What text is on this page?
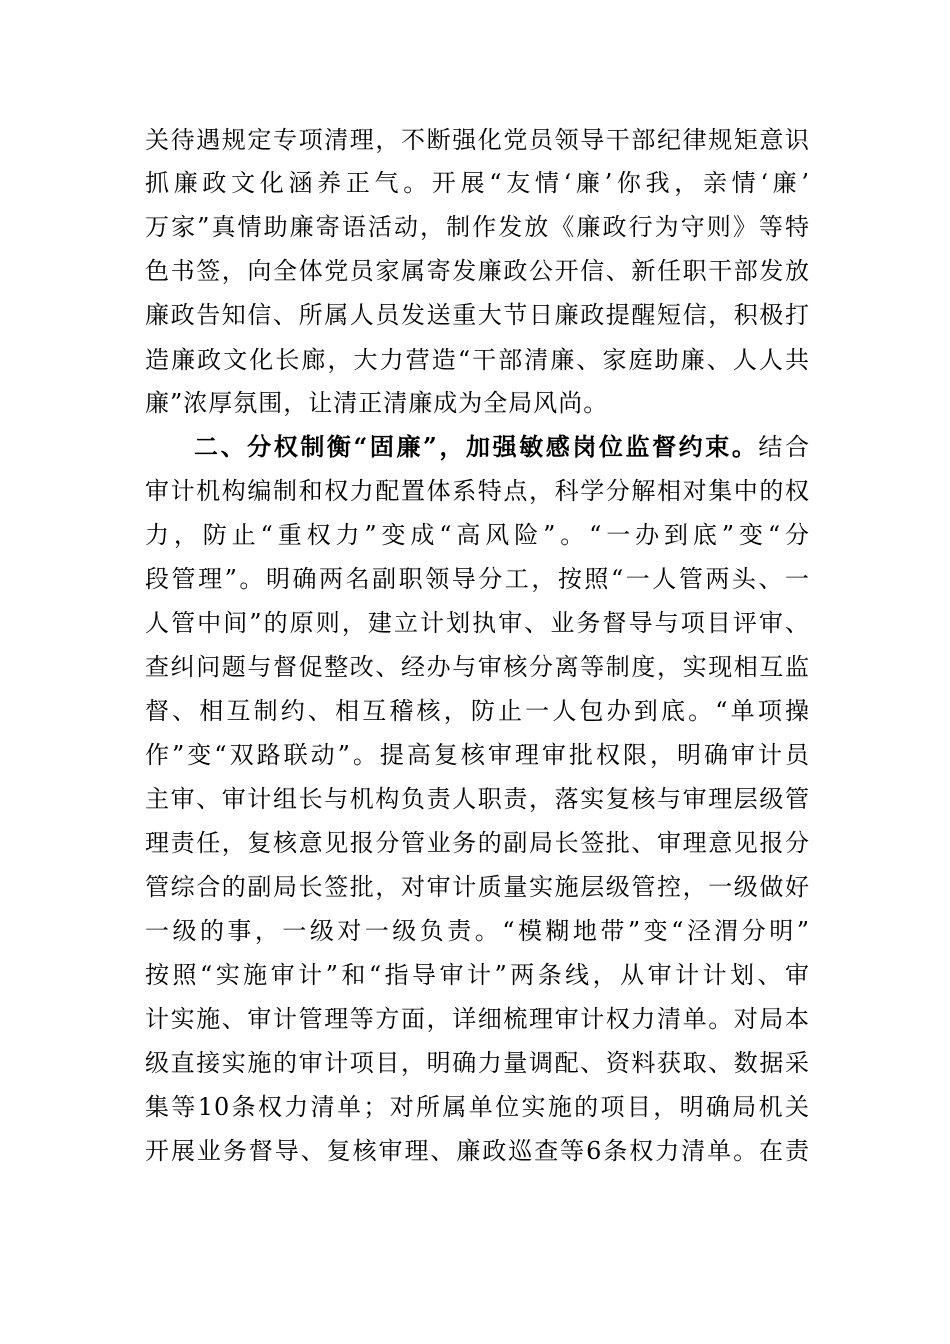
关待遇规定专项清理，不断强化党员领导干部纪律规矩意识
抓廉政文化涵养正气。开展“友情‘廉’你我，亲情‘廉’
万家”真情助廉寄语活动，制作发放《廉政行为守则》等特
色书签，向全体党员家属寄发廉政公开信、新任职干部发放
廉政告知信、所属人员发送重大节日廉政提醒短信，积极打
造廉政文化长廊，大力营造“干部清廉、家庭助廉、人人共
廉”浓厚氛围，让清正清廉成为全局风尚。
二、分权制衡“固廉”，加强敏感岗位监督约束。结合
审计机构编制和权力配置体系特点，科学分解相对集中的权
力，防止“重权力”变成“高风险”。“一办到底”变“分
段管理”。明确两名副职领导分工，按照“一人管两头、一
人管中间”的原则，建立计划执审、业务督导与项目评审、
查纠问题与督促整改、经办与审核分离等制度，实现相互监
督、相互制约、相互稽核，防止一人包办到底。“单项操
作”变“双路联动”。提高复核审理审批权限，明确审计员
主审、审计组长与机构负责人职责，落实复核与审理层级管
理责任，复核意见报分管业务的副局长签批、审理意见报分
管综合的副局长签批，对审计质量实施层级管控，一级做好
一级的事，一级对一级负责。“模糊地带”变“泾渭分明”
按照“实施审计”和“指导审计”两条线，从审计计划、审
计实施、审计管理等方面，详细梳理审计权力清单。对局本
级直接实施的审计项目，明确力量调配、资料获取、数据采
集等10条权力清单；对所属单位实施的项目，明确局机关
开展业务督导、复核审理、廉政巡查等6条权力清单。在责
